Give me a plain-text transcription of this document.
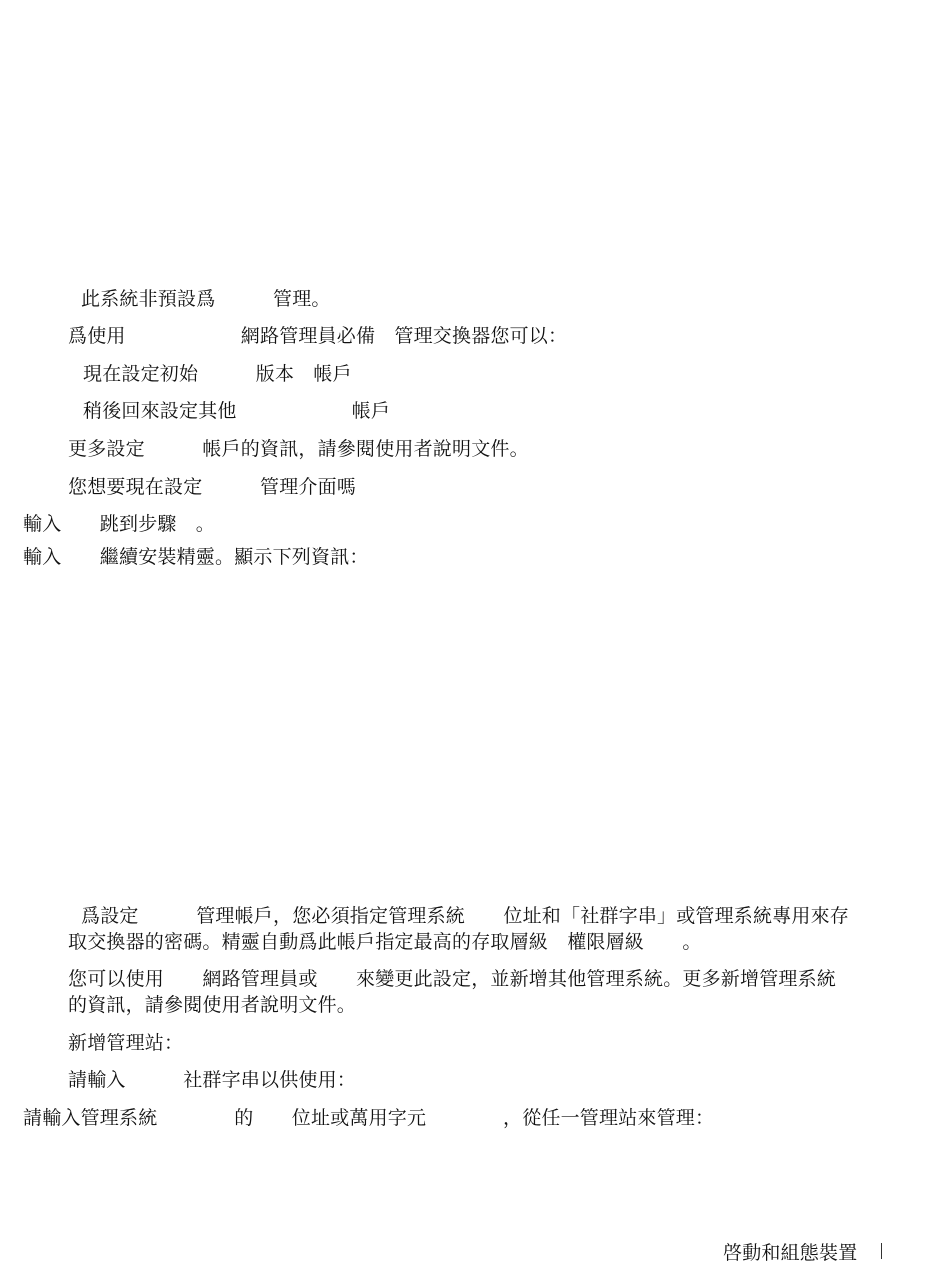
此系統非預設爲　　　管理。
爲使用　　　　　　網路管理員必備　管理交換器您可以：
現在設定初始　　　版本　帳戶
稍後回來設定其他　　　　　　帳戶
更多設定　　　帳戶的資訊，請參閱使用者說明文件。
您想要現在設定　　　管理介面嗎
輸入　　跳到步驟　。
輸入　　繼續安裝精靈。顯示下列資訊：
爲設定　　　管理帳戶，您必須指定管理系統　　位址和「社群字串」或管理系統專用來存
取交換器的密碼。精靈自動爲此帳戶指定最高的存取層級　權限層級　　。
您可以使用　　網路管理員或　　來變更此設定，並新增其他管理系統。更多新增管理系統
的資訊，請參閱使用者說明文件。
新增管理站：
請輸入　　　社群字串以供使用：
請輸入管理系統　　　　的　　位址或萬用字元　　　　，從任一管理站來管理：
啓動和組態裝置
